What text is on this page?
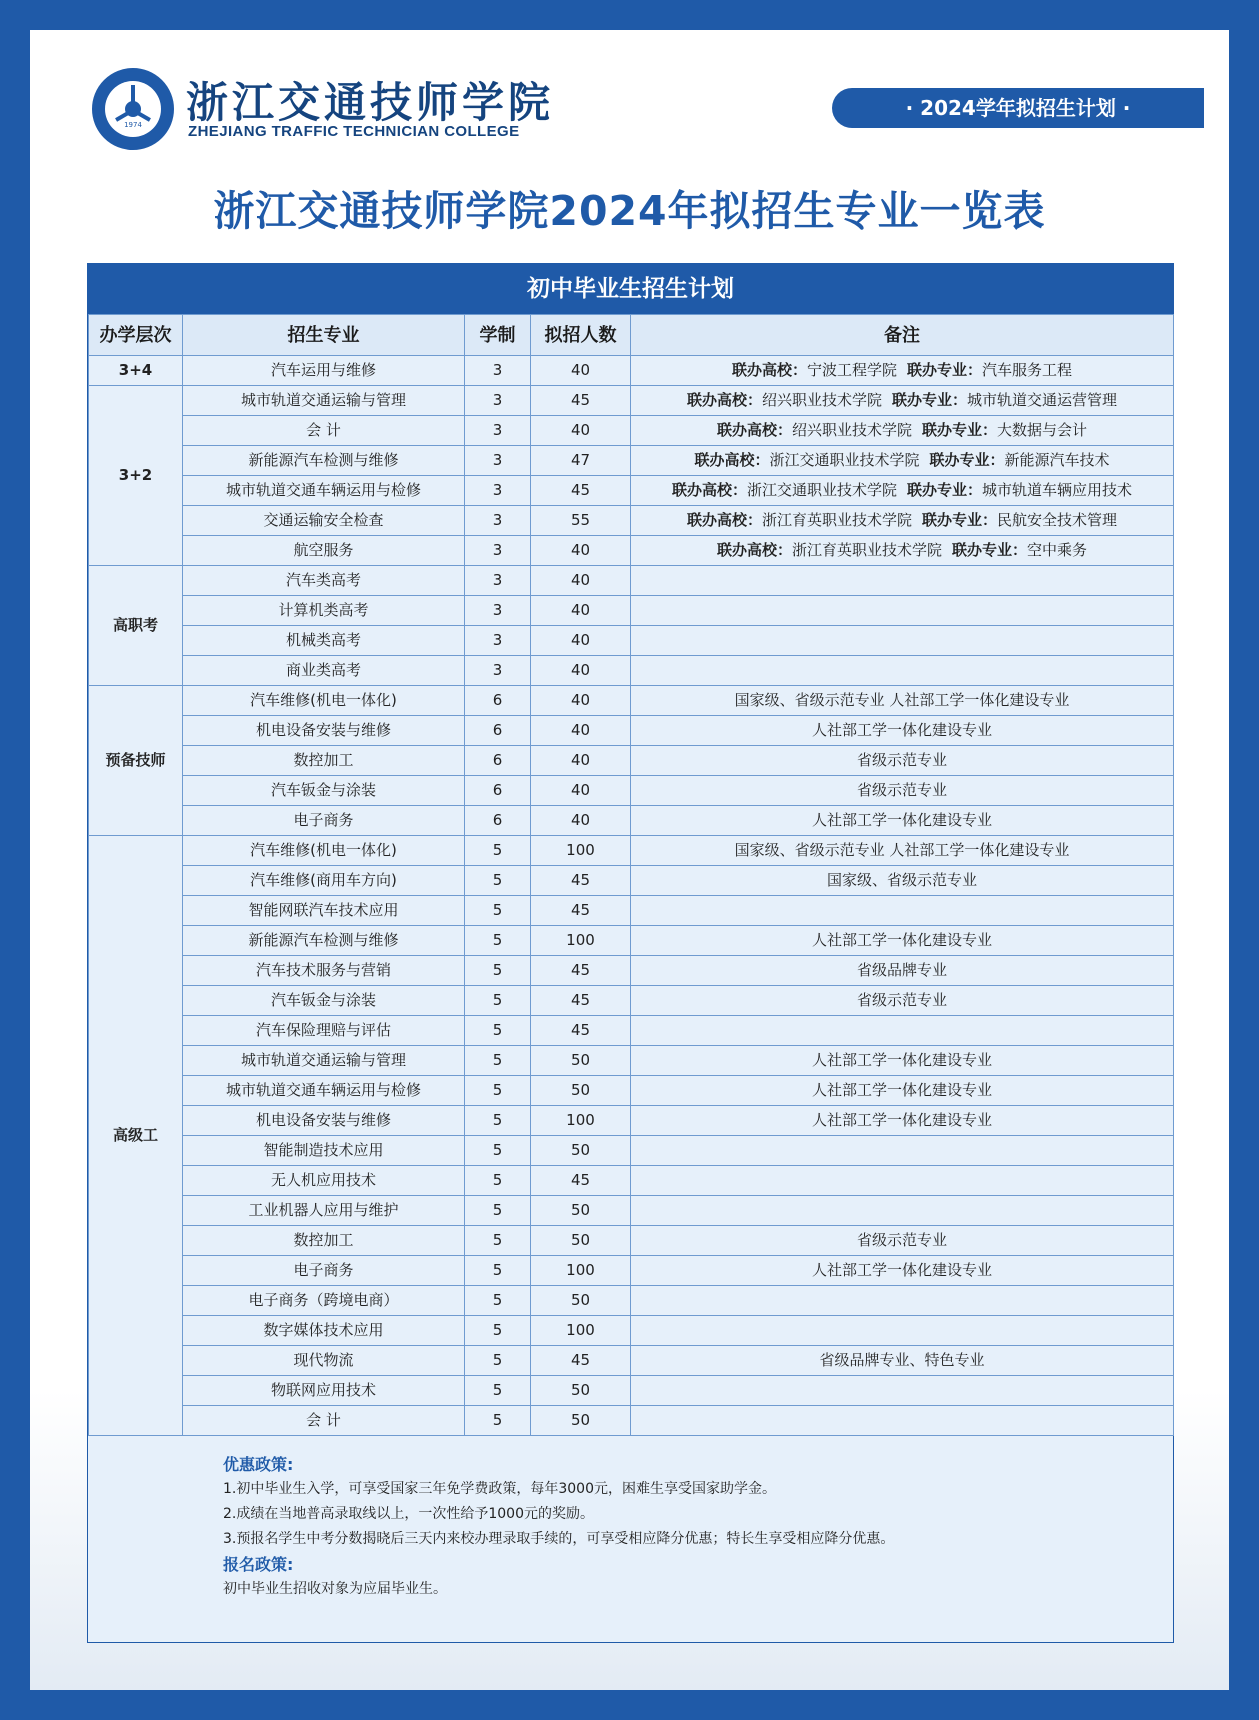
1974	浙江交通技师学院
ZHEJIANG TRAFFIC TECHNICIAN COLLEGE
· 2024学年拟招生计划 ·
浙江交通技师学院2024年拟招生专业一览表
初中毕业生招生计划
办学层次	招生专业	学制	拟招人数	备注
3+4	汽车运用与维修	3	40	联办高校：宁波工程学院 联办专业：汽车服务工程
3+2	城市轨道交通运输与管理	3	45	联办高校：绍兴职业技术学院 联办专业：城市轨道交通运营管理
	会 计	3	40	联办高校：绍兴职业技术学院 联办专业：大数据与会计
	新能源汽车检测与维修	3	47	联办高校：浙江交通职业技术学院 联办专业：新能源汽车技术
	城市轨道交通车辆运用与检修	3	45	联办高校：浙江交通职业技术学院 联办专业：城市轨道车辆应用技术
	交通运输安全检查	3	55	联办高校：浙江育英职业技术学院 联办专业：民航安全技术管理
	航空服务	3	40	联办高校：浙江育英职业技术学院 联办专业：空中乘务
高职考	汽车类高考	3	40	
	计算机类高考	3	40	
	机械类高考	3	40	
	商业类高考	3	40	
预备技师	汽车维修(机电一体化)	6	40	国家级、省级示范专业 人社部工学一体化建设专业
	机电设备安装与维修	6	40	人社部工学一体化建设专业
	数控加工	6	40	省级示范专业
	汽车钣金与涂装	6	40	省级示范专业
	电子商务	6	40	人社部工学一体化建设专业
高级工	汽车维修(机电一体化)	5	100	国家级、省级示范专业 人社部工学一体化建设专业
	汽车维修(商用车方向)	5	45	国家级、省级示范专业
	智能网联汽车技术应用	5	45	
	新能源汽车检测与维修	5	100	人社部工学一体化建设专业
	汽车技术服务与营销	5	45	省级品牌专业
	汽车钣金与涂装	5	45	省级示范专业
	汽车保险理赔与评估	5	45	
	城市轨道交通运输与管理	5	50	人社部工学一体化建设专业
	城市轨道交通车辆运用与检修	5	50	人社部工学一体化建设专业
	机电设备安装与维修	5	100	人社部工学一体化建设专业
	智能制造技术应用	5	50	
	无人机应用技术	5	45	
	工业机器人应用与维护	5	50	
	数控加工	5	50	省级示范专业
	电子商务	5	100	人社部工学一体化建设专业
	电子商务（跨境电商）	5	50	
	数字媒体技术应用	5	100	
	现代物流	5	45	省级品牌专业、特色专业
	物联网应用技术	5	50	
	会 计	5	50	
优惠政策:
1.初中毕业生入学，可享受国家三年免学费政策，每年3000元，困难生享受国家助学金。
2.成绩在当地普高录取线以上，一次性给予1000元的奖励。
3.预报名学生中考分数揭晓后三天内来校办理录取手续的，可享受相应降分优惠；特长生享受相应降分优惠。
报名政策:
初中毕业生招收对象为应届毕业生。
